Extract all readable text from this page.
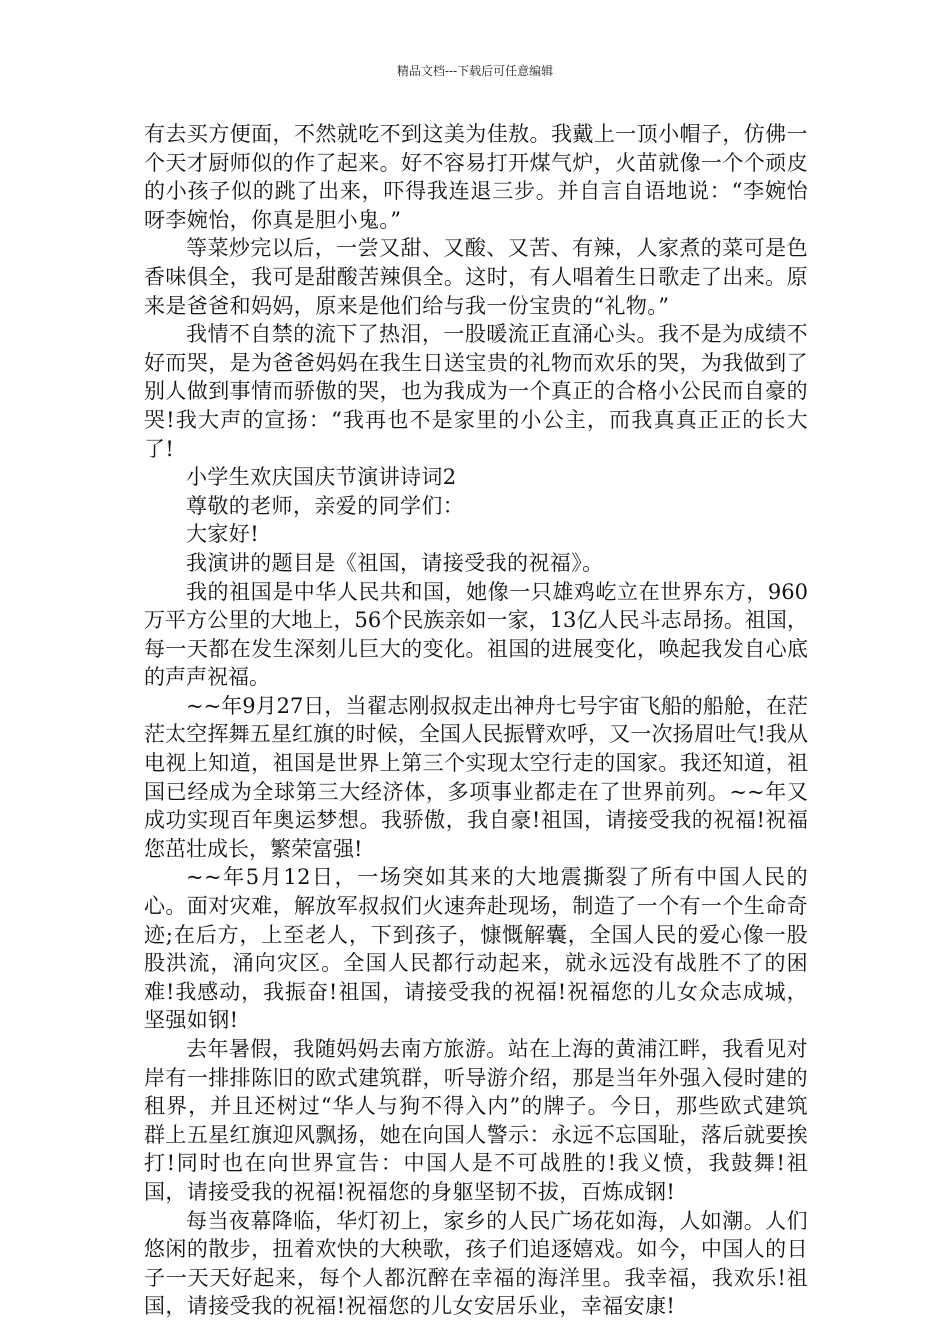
精品文档---下载后可任意编辑

有去买方便面，不然就吃不到这美为佳敖。我戴上一顶小帽子，仿佛一个天才厨师似的作了起来。好不容易打开煤气炉，火苗就像一个个顽皮的小孩子似的跳了出来，吓得我连退三步。并自言自语地说：“李婉怡呀李婉怡，你真是胆小鬼。”

等菜炒完以后，一尝又甜、又酸、又苦、有辣，人家煮的菜可是色香味俱全，我可是甜酸苦辣俱全。这时，有人唱着生日歌走了出来。原来是爸爸和妈妈，原来是他们给与我一份宝贵的“礼物。”

我情不自禁的流下了热泪，一股暖流正直涌心头。我不是为成绩不好而哭，是为爸爸妈妈在我生日送宝贵的礼物而欢乐的哭，为我做到了别人做到事情而骄傲的哭，也为我成为一个真正的合格小公民而自豪的哭!我大声的宣扬：“我再也不是家里的小公主，而我真真正正的长大了!

小学生欢庆国庆节演讲诗词2

尊敬的老师，亲爱的同学们：

大家好!

我演讲的题目是《祖国，请接受我的祝福》。

我的祖国是中华人民共和国，她像一只雄鸡屹立在世界东方，960万平方公里的大地上，56个民族亲如一家，13亿人民斗志昂扬。祖国，每一天都在发生深刻儿巨大的变化。祖国的进展变化，唤起我发自心底的声声祝福。

~~年9月27日，当翟志刚叔叔走出神舟七号宇宙飞船的船舱，在茫茫太空挥舞五星红旗的时候，全国人民振臂欢呼，又一次扬眉吐气!我从电视上知道，祖国是世界上第三个实现太空行走的国家。我还知道，祖国已经成为全球第三大经济体，多项事业都走在了世界前列。~~年又成功实现百年奥运梦想。我骄傲，我自豪!祖国，请接受我的祝福!祝福您茁壮成长，繁荣富强!

~~年5月12日，一场突如其来的大地震撕裂了所有中国人民的心。面对灾难，解放军叔叔们火速奔赴现场，制造了一个有一个生命奇迹;在后方，上至老人，下到孩子，慷慨解囊，全国人民的爱心像一股股洪流，涌向灾区。全国人民都行动起来，就永远没有战胜不了的困难!我感动，我振奋!祖国，请接受我的祝福!祝福您的儿女众志成城，坚强如钢!

去年暑假，我随妈妈去南方旅游。站在上海的黄浦江畔，我看见对岸有一排排陈旧的欧式建筑群，听导游介绍，那是当年外强入侵时建的租界，并且还树过“华人与狗不得入内”的牌子。今日，那些欧式建筑群上五星红旗迎风飘扬，她在向国人警示：永远不忘国耻，落后就要挨打!同时也在向世界宣告：中国人是不可战胜的!我义愤，我鼓舞!祖国，请接受我的祝福!祝福您的身躯坚韧不拔，百炼成钢!

每当夜幕降临，华灯初上，家乡的人民广场花如海，人如潮。人们悠闲的散步，扭着欢快的大秧歌，孩子们追逐嬉戏。如今，中国人的日子一天天好起来，每个人都沉醉在幸福的海洋里。我幸福，我欢乐!祖国，请接受我的祝福!祝福您的儿女安居乐业，幸福安康!
